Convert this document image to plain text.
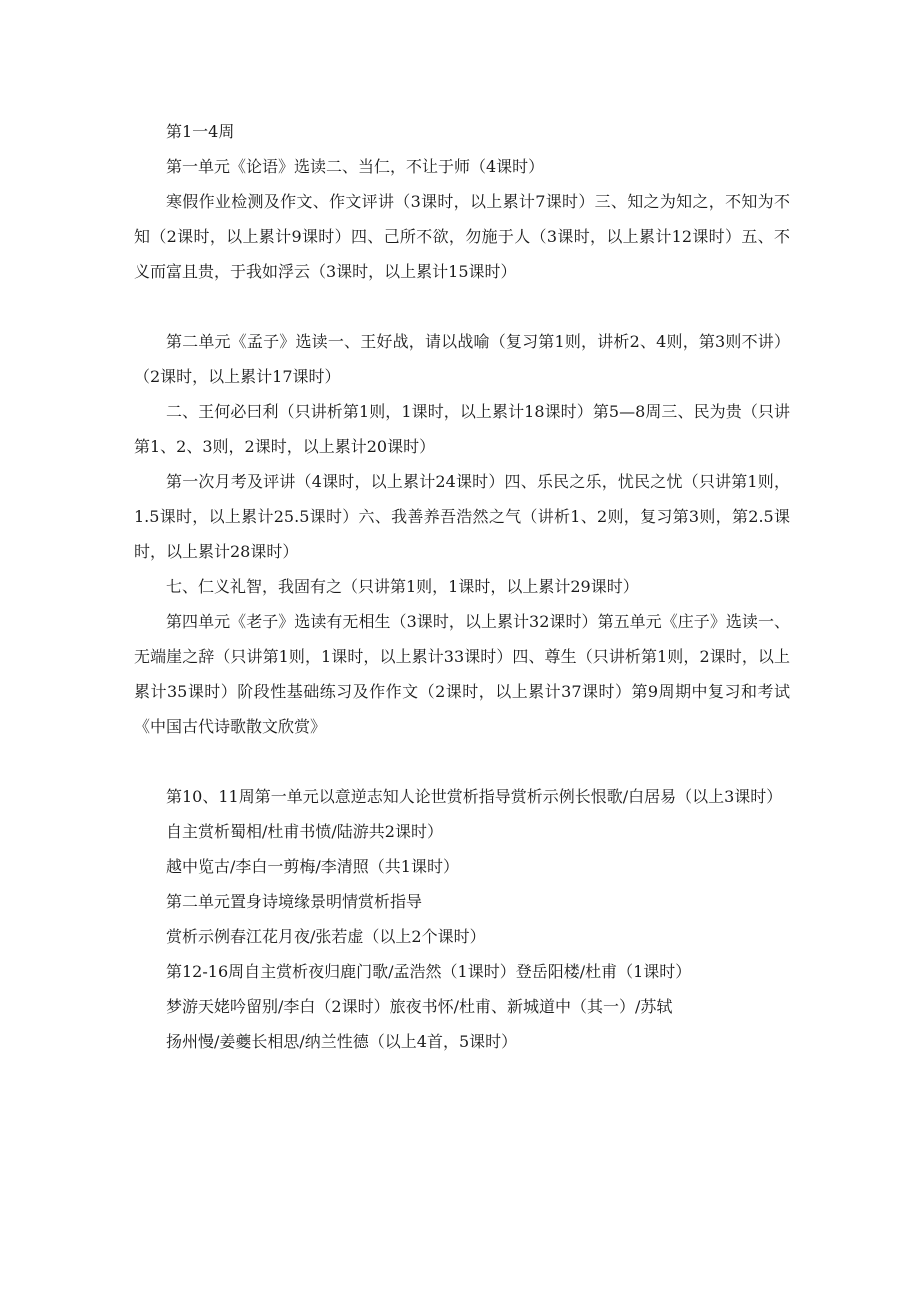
第1一4周

第一单元《论语》选读二、当仁，不让于师（4课时）

寒假作业检测及作文、作文评讲（3课时，以上累计7课时）三、知之为知之，不知为不知（2课时，以上累计9课时）四、己所不欲，勿施于人（3课时，以上累计12课时）五、不义而富且贵，于我如浮云（3课时，以上累计15课时）

第二单元《孟子》选读一、王好战，请以战喻（复习第1则，讲析2、4则，第3则不讲）（2课时，以上累计17课时）

二、王何必曰利（只讲析第1则，1课时，以上累计18课时）第5—8周三、民为贵（只讲第1、2、3则，2课时，以上累计20课时）

第一次月考及评讲（4课时，以上累计24课时）四、乐民之乐，忧民之忧（只讲第1则，1.5课时，以上累计25.5课时）六、我善养吾浩然之气（讲析1、2则，复习第3则，第2.5课时，以上累计28课时）

七、仁义礼智，我固有之（只讲第1则，1课时，以上累计29课时）

第四单元《老子》选读有无相生（3课时，以上累计32课时）第五单元《庄子》选读一、无端崖之辞（只讲第1则，1课时，以上累计33课时）四、尊生（只讲析第1则，2课时，以上累计35课时）阶段性基础练习及作作文（2课时，以上累计37课时）第9周期中复习和考试《中国古代诗歌散文欣赏》

第10、11周第一单元以意逆志知人论世赏析指导赏析示例长恨歌/白居易（以上3课时）

自主赏析蜀相/杜甫书愤/陆游共2课时）

越中览古/李白一剪梅/李清照（共1课时）

第二单元置身诗境缘景明情赏析指导

赏析示例春江花月夜/张若虚（以上2个课时）

第12-16周自主赏析夜归鹿门歌/孟浩然（1课时）登岳阳楼/杜甫（1课时）

梦游天姥吟留别/李白（2课时）旅夜书怀/杜甫、新城道中（其一）/苏轼

扬州慢/姜夔长相思/纳兰性德（以上4首，5课时）
